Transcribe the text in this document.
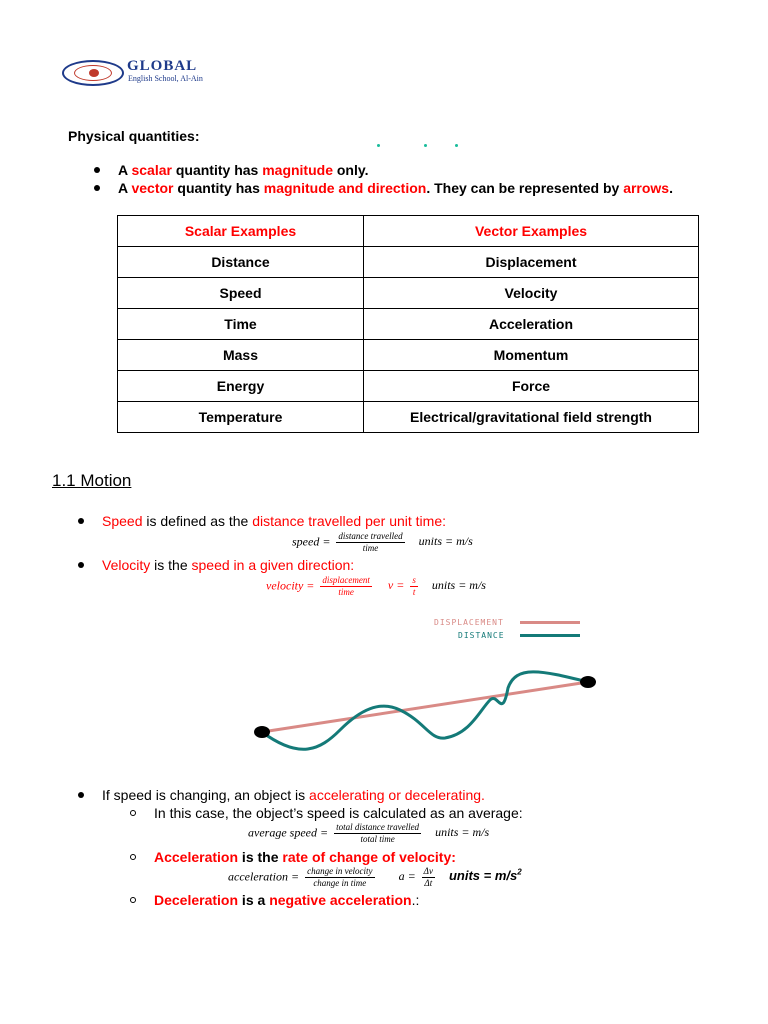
GLOBAL
English School, Al-Ain
Physical quantities:
A scalar quantity has magnitude only.
A vector quantity has magnitude and direction. They can be represented by arrows.
Scalar Examples	Vector Examples
Distance	Displacement
Speed	Velocity
Time	Acceleration
Mass	Momentum
Energy	Force
Temperature	Electrical/gravitational field strength
1.1 Motion
Speed is defined as the distance travelled per unit time:
speed = $\frac{\text{distance travelled}}{\text{time}}$ units = m/s
Velocity is the speed in a given direction:
velocity = $\frac{\text{displacement}}{\text{time}}$ $v = \frac{s}{t}$ units = m/s
DISPLACEMENT
DISTANCE
If speed is changing, an object is accelerating or decelerating.
In this case, the object’s speed is calculated as an average:
average speed = $\frac{\text{total distance travelled}}{\text{total time}}$ units = m/s
Acceleration is the rate of change of velocity:
acceleration = $\frac{\text{change in velocity}}{\text{change in time}}$ $a = \frac{\Delta v}{\Delta t}$ units = $m/s^2$
Deceleration is a negative acceleration.:
